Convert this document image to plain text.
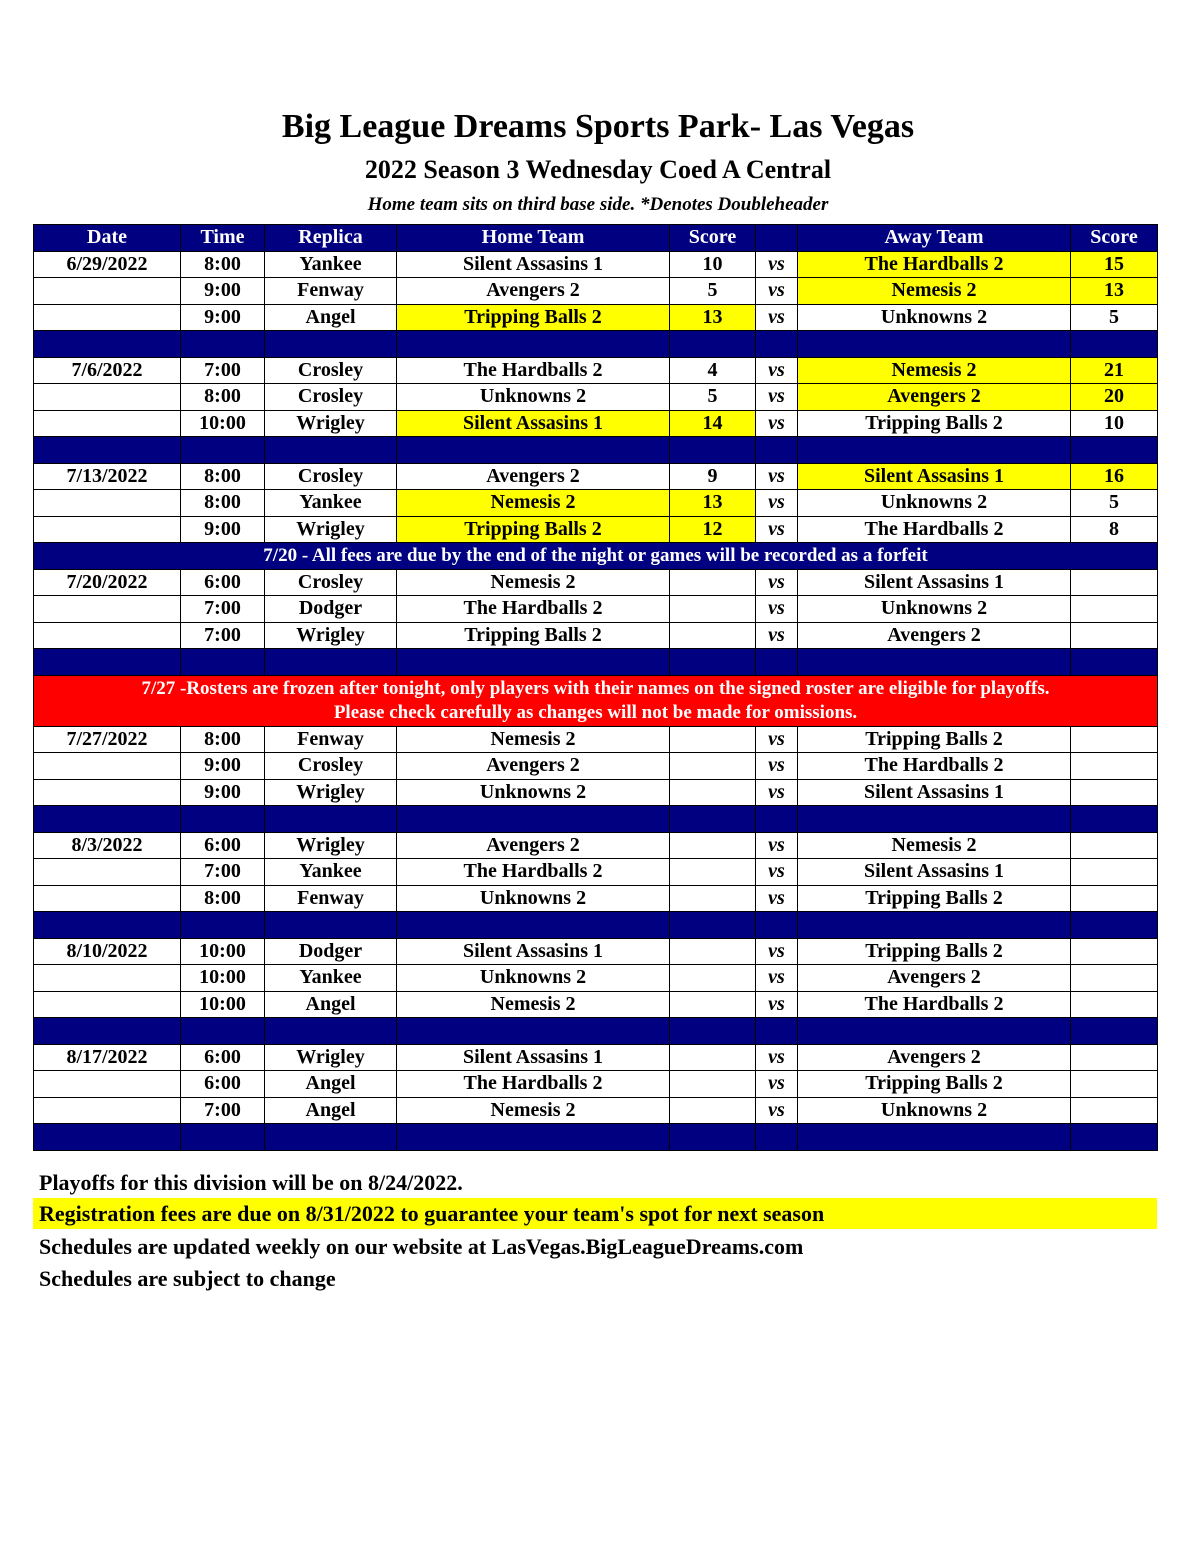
Big League Dreams Sports Park- Las Vegas
2022 Season 3 Wednesday Coed A Central
Home team sits on third base side. *Denotes Doubleheader
Date	Time	Replica	Home Team	Score		Away Team	Score
6/29/2022	8:00	Yankee	Silent Assasins 1	10	vs	The Hardballs 2	15
	9:00	Fenway	Avengers 2	5	vs	Nemesis 2	13
	9:00	Angel	Tripping Balls 2	13	vs	Unknowns 2	5

7/6/2022	7:00	Crosley	The Hardballs 2	4	vs	Nemesis 2	21
	8:00	Crosley	Unknowns 2	5	vs	Avengers 2	20
	10:00	Wrigley	Silent Assasins 1	14	vs	Tripping Balls 2	10

7/13/2022	8:00	Crosley	Avengers 2	9	vs	Silent Assasins 1	16
	8:00	Yankee	Nemesis 2	13	vs	Unknowns 2	5
	9:00	Wrigley	Tripping Balls 2	12	vs	The Hardballs 2	8
7/20 - All fees are due by the end of the night or games will be recorded as a forfeit							
7/20/2022	6:00	Crosley	Nemesis 2		vs	Silent Assasins 1	
	7:00	Dodger	The Hardballs 2		vs	Unknowns 2	
	7:00	Wrigley	Tripping Balls 2		vs	Avengers 2	

7/27 -Rosters are frozen after tonight, only players with their names on the signed roster are eligible for playoffs.
Please check carefully as changes will not be made for omissions.							

7/27/2022	8:00	Fenway	Nemesis 2		vs	Tripping Balls 2	
	9:00	Crosley	Avengers 2		vs	The Hardballs 2	
	9:00	Wrigley	Unknowns 2		vs	Silent Assasins 1	

8/3/2022	6:00	Wrigley	Avengers 2		vs	Nemesis 2	
	7:00	Yankee	The Hardballs 2		vs	Silent Assasins 1	
	8:00	Fenway	Unknowns 2		vs	Tripping Balls 2	

8/10/2022	10:00	Dodger	Silent Assasins 1		vs	Tripping Balls 2	
	10:00	Yankee	Unknowns 2		vs	Avengers 2	
	10:00	Angel	Nemesis 2		vs	The Hardballs 2	

8/17/2022	6:00	Wrigley	Silent Assasins 1		vs	Avengers 2	
	6:00	Angel	The Hardballs 2		vs	Tripping Balls 2	
	7:00	Angel	Nemesis 2		vs	Unknowns 2	

Playoffs for this division will be on 8/24/2022.
Registration fees are due on 8/31/2022 to guarantee your team's spot for next season
Schedules are updated weekly on our website at LasVegas.BigLeagueDreams.com
Schedules are subject to change
